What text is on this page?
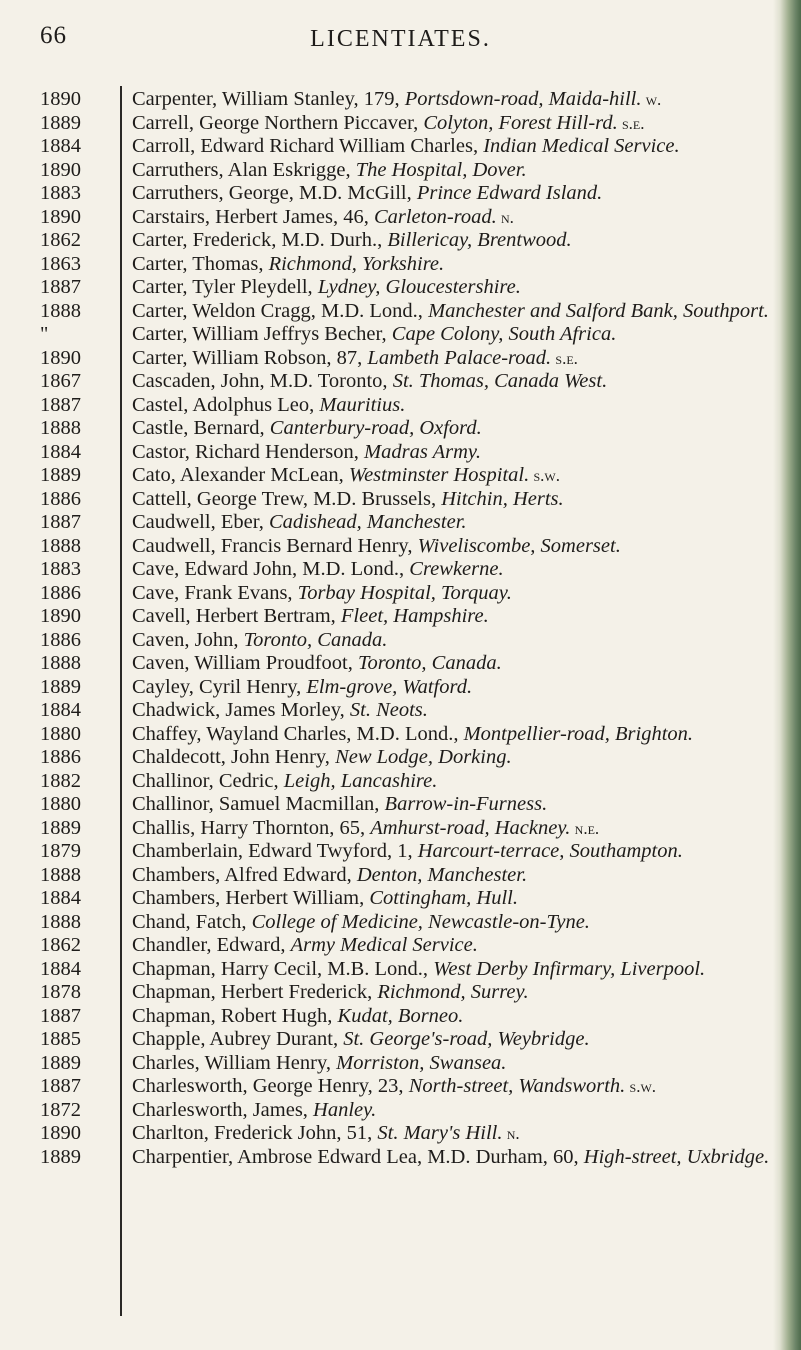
66	LICENTIATES.
1890	Carpenter, William Stanley, 179, Portsdown-road, Maida-hill. w.
1889	Carrell, George Northern Piccaver, Colyton, Forest Hill-rd. s.e.
1884	Carroll, Edward Richard William Charles, Indian Medical Service.
1890	Carruthers, Alan Eskrigge, The Hospital, Dover.
1883	Carruthers, George, M.D. McGill, Prince Edward Island.
1890	Carstairs, Herbert James, 46, Carleton-road. n.
1862	Carter, Frederick, M.D. Durh., Billericay, Brentwood.
1863	Carter, Thomas, Richmond, Yorkshire.
1887	Carter, Tyler Pleydell, Lydney, Gloucestershire.
1888	Carter, Weldon Cragg, M.D. Lond., Manchester and Salford Bank, Southport.
"	Carter, William Jeffrys Becher, Cape Colony, South Africa.
1890	Carter, William Robson, 87, Lambeth Palace-road. s.e.
1867	Cascaden, John, M.D. Toronto, St. Thomas, Canada West.
1887	Castel, Adolphus Leo, Mauritius.
1888	Castle, Bernard, Canterbury-road, Oxford.
1884	Castor, Richard Henderson, Madras Army.
1889	Cato, Alexander McLean, Westminster Hospital. s.w.
1886	Cattell, George Trew, M.D. Brussels, Hitchin, Herts.
1887	Caudwell, Eber, Cadishead, Manchester.
1888	Caudwell, Francis Bernard Henry, Wiveliscombe, Somerset.
1883	Cave, Edward John, M.D. Lond., Crewkerne.
1886	Cave, Frank Evans, Torbay Hospital, Torquay.
1890	Cavell, Herbert Bertram, Fleet, Hampshire.
1886	Caven, John, Toronto, Canada.
1888	Caven, William Proudfoot, Toronto, Canada.
1889	Cayley, Cyril Henry, Elm-grove, Watford.
1884	Chadwick, James Morley, St. Neots.
1880	Chaffey, Wayland Charles, M.D. Lond., Montpellier-road, Brighton.
1886	Chaldecott, John Henry, New Lodge, Dorking.
1882	Challinor, Cedric, Leigh, Lancashire.
1880	Challinor, Samuel Macmillan, Barrow-in-Furness.
1889	Challis, Harry Thornton, 65, Amhurst-road, Hackney. n.e.
1879	Chamberlain, Edward Twyford, 1, Harcourt-terrace, Southampton.
1888	Chambers, Alfred Edward, Denton, Manchester.
1884	Chambers, Herbert William, Cottingham, Hull.
1888	Chand, Fatch, College of Medicine, Newcastle-on-Tyne.
1862	Chandler, Edward, Army Medical Service.
1884	Chapman, Harry Cecil, M.B. Lond., West Derby Infirmary, Liverpool.
1878	Chapman, Herbert Frederick, Richmond, Surrey.
1887	Chapman, Robert Hugh, Kudat, Borneo.
1885	Chapple, Aubrey Durant, St. George's-road, Weybridge.
1889	Charles, William Henry, Morriston, Swansea.
1887	Charlesworth, George Henry, 23, North-street, Wandsworth. s.w.
1872	Charlesworth, James, Hanley.
1890	Charlton, Frederick John, 51, St. Mary's Hill. n.
1889	Charpentier, Ambrose Edward Lea, M.D. Durham, 60, High-street, Uxbridge.
